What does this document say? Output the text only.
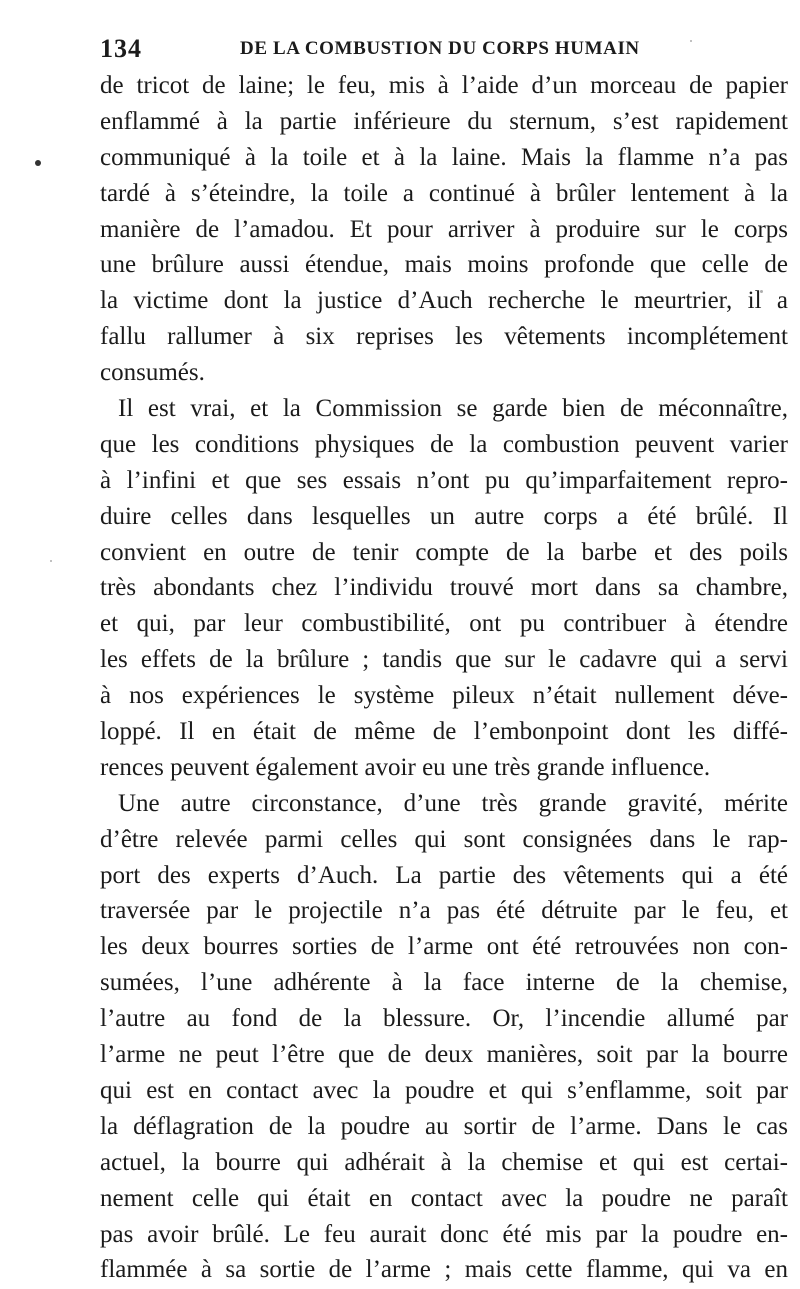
134	DE LA COMBUSTION DU CORPS HUMAIN
de tricot de laine; le feu, mis à l’aide d’un morceau de papier
enflammé à la partie inférieure du sternum, s’est rapidement
communiqué à la toile et à la laine. Mais la flamme n’a pas
tardé à s’éteindre, la toile a continué à brûler lentement à la
manière de l’amadou. Et pour arriver à produire sur le corps
une brûlure aussi étendue, mais moins profonde que celle de
la victime dont la justice d’Auch recherche le meurtrier, il a
fallu rallumer à six reprises les vêtements incomplétement
consumés.
Il est vrai, et la Commission se garde bien de méconnaître,
que les conditions physiques de la combustion peuvent varier
à l’infini et que ses essais n’ont pu qu’imparfaitement repro-
duire celles dans lesquelles un autre corps a été brûlé. Il
convient en outre de tenir compte de la barbe et des poils
très abondants chez l’individu trouvé mort dans sa chambre,
et qui, par leur combustibilité, ont pu contribuer à étendre
les effets de la brûlure ; tandis que sur le cadavre qui a servi
à nos expériences le système pileux n’était nullement déve-
loppé. Il en était de même de l’embonpoint dont les diffé-
rences peuvent également avoir eu une très grande influence.
Une autre circonstance, d’une très grande gravité, mérite
d’être relevée parmi celles qui sont consignées dans le rap-
port des experts d’Auch. La partie des vêtements qui a été
traversée par le projectile n’a pas été détruite par le feu, et
les deux bourres sorties de l’arme ont été retrouvées non con-
sumées, l’une adhérente à la face interne de la chemise,
l’autre au fond de la blessure. Or, l’incendie allumé par
l’arme ne peut l’être que de deux manières, soit par la bourre
qui est en contact avec la poudre et qui s’enflamme, soit par
la déflagration de la poudre au sortir de l’arme. Dans le cas
actuel, la bourre qui adhérait à la chemise et qui est certai-
nement celle qui était en contact avec la poudre ne paraît
pas avoir brûlé. Le feu aurait donc été mis par la poudre en-
flammée à sa sortie de l’arme ; mais cette flamme, qui va en
